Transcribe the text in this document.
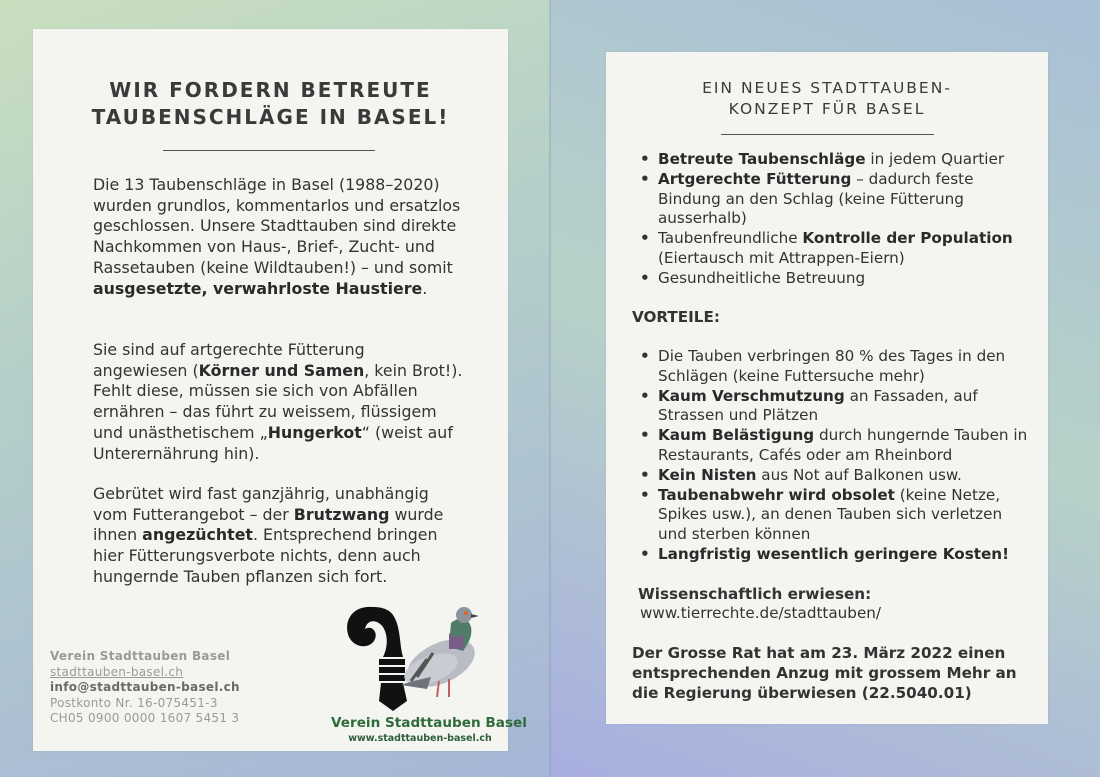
WIR FORDERN BETREUTE
TAUBENSCHLÄGE IN BASEL!

Die 13 Taubenschläge in Basel (1988–2020) wurden grundlos, kommentarlos und ersatzlos geschlossen. Unsere Stadttauben sind direkte Nachkommen von Haus-, Brief-, Zucht- und Rassetauben (keine Wildtauben!) – und somit ausgesetzte, verwahrloste Haustiere.

Sie sind auf artgerechte Fütterung angewiesen (Körner und Samen, kein Brot!). Fehlt diese, müssen sie sich von Abfällen ernähren – das führt zu weissem, flüssigem und unästhetischem „Hungerkot“ (weist auf Unterernährung hin).

Gebrütet wird fast ganzjährig, unabhängig vom Futterangebot – der Brutzwang wurde ihnen angezüchtet. Entsprechend bringen hier Fütterungsverbote nichts, denn auch hungernde Tauben pflanzen sich fort.

Verein Stadttauben Basel
stadttauben-basel.ch
info@stadttauben-basel.ch
Postkonto Nr. 16-075451-3
CH05 0900 0000 1607 5451 3	Verein Stadttauben Basel
www.stadttauben-basel.ch
EIN NEUES STADTTAUBEN-
KONZEPT FÜR BASEL
• Betreute Taubenschläge in jedem Quartier
• Artgerechte Fütterung – dadurch feste Bindung an den Schlag (keine Fütterung ausserhalb)
• Taubenfreundliche Kontrolle der Population (Eiertausch mit Attrappen-Eiern)
• Gesundheitliche Betreuung
VORTEILE:
• Die Tauben verbringen 80 % des Tages in den Schlägen (keine Futtersuche mehr)
• Kaum Verschmutzung an Fassaden, auf Strassen und Plätzen
• Kaum Belästigung durch hungernde Tauben in Restaurants, Cafés oder am Rheinbord
• Kein Nisten aus Not auf Balkonen usw.
• Taubenabwehr wird obsolet (keine Netze, Spikes usw.), an denen Tauben sich verletzen und sterben können
• Langfristig wesentlich geringere Kosten!
Wissenschaftlich erwiesen:
www.tierrechte.de/stadttauben/
Der Grosse Rat hat am 23. März 2022 einen entsprechenden Anzug mit grossem Mehr an die Regierung überwiesen (22.5040.01)
